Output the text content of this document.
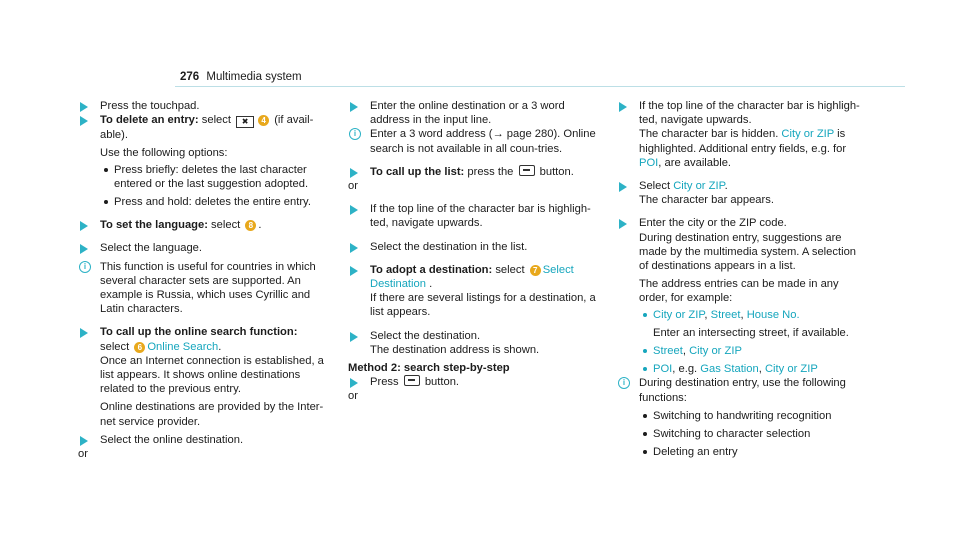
276 Multimedia system
Press the touchpad.
To delete an entry: select ✖ 4 (if avail-able).
Use the following options:
Press briefly: deletes the last character entered or the last suggestion adopted.
Press and hold: deletes the entire entry.
To set the language: select 8 .
Select the language.
i	This function is useful for countries in which several character sets are supported. An example is Russia, which uses Cyrillic and Latin characters.
To call up the online search function:
select 6 Online Search.
Once an Internet connection is established, a list appears. It shows online destinations related to the previous entry.
Online destinations are provided by the Inter-net service provider.
Select the online destination.
or
Enter the online destination or a 3 word address in the input line.
i	Enter a 3 word address (→ page 280). Online search is not available in all coun-tries.
To call up the list: press the  button.
or
If the top line of the character bar is highligh-ted, navigate upwards.
Select the destination in the list.
To adopt a destination: select 7 Select Destination .
If there are several listings for a destination, a list appears.
Select the destination.
The destination address is shown.
Method 2: search step-by-step
Press  button.
or
If the top line of the character bar is highligh-ted, navigate upwards.
The character bar is hidden. City or ZIP is highlighted. Additional entry fields, e.g. for POI, are available.
Select City or ZIP.
The character bar appears.
Enter the city or the ZIP code.
During destination entry, suggestions are made by the multimedia system. A selection of destinations appears in a list.
The address entries can be made in any order, for example:
City or ZIP, Street, House No.
Enter an intersecting street, if available.
Street, City or ZIP
POI, e.g. Gas Station, City or ZIP
i	During destination entry, use the following functions:
Switching to handwriting recognition
Switching to character selection
Deleting an entry
